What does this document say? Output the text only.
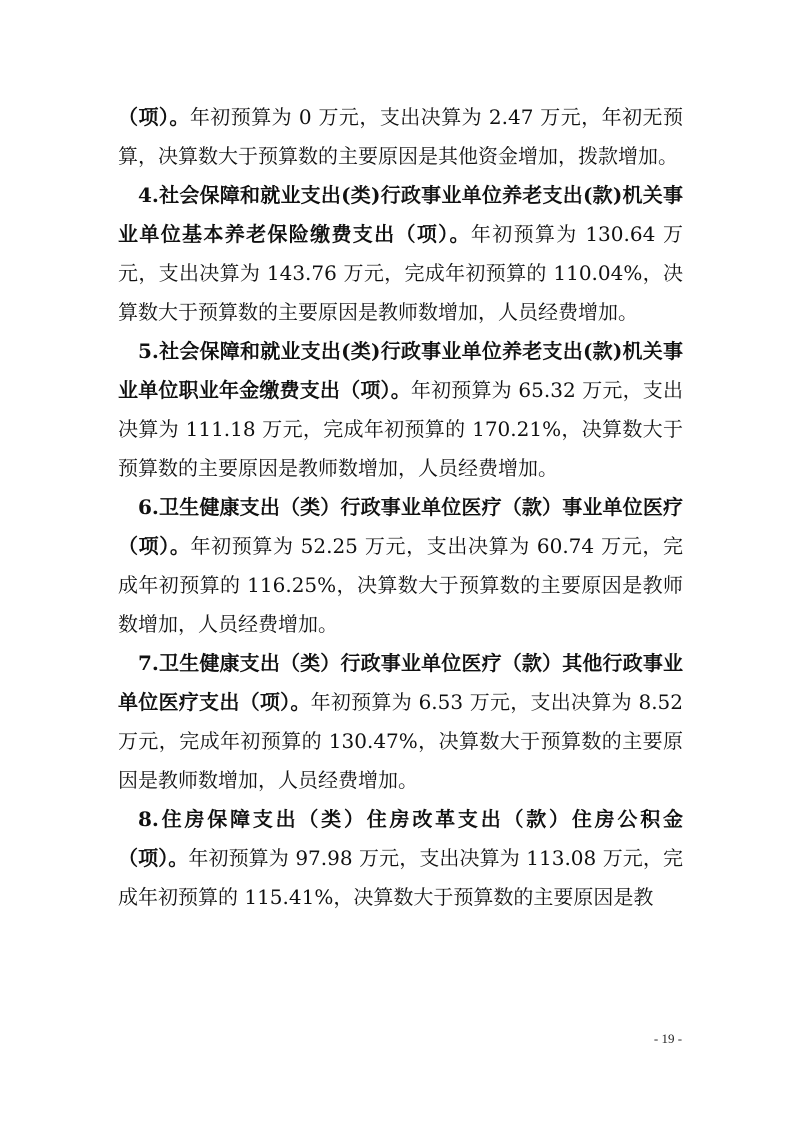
（项）。年初预算为 0 万元，支出决算为 2.47 万元，年初无预算，决算数大于预算数的主要原因是其他资金增加，拨款增加。

4.社会保障和就业支出(类)行政事业单位养老支出(款)机关事业单位基本养老保险缴费支出（项）。年初预算为 130.64 万元，支出决算为 143.76 万元，完成年初预算的 110.04%，决算数大于预算数的主要原因是教师数增加，人员经费增加。

5.社会保障和就业支出(类)行政事业单位养老支出(款)机关事业单位职业年金缴费支出（项）。年初预算为 65.32 万元，支出决算为 111.18 万元，完成年初预算的 170.21%，决算数大于预算数的主要原因是教师数增加，人员经费增加。

6.卫生健康支出（类）行政事业单位医疗（款）事业单位医疗（项）。年初预算为 52.25 万元，支出决算为 60.74 万元，完成年初预算的 116.25%，决算数大于预算数的主要原因是教师数增加，人员经费增加。

7.卫生健康支出（类）行政事业单位医疗（款）其他行政事业单位医疗支出（项）。年初预算为 6.53 万元，支出决算为 8.52 万元，完成年初预算的 130.47%，决算数大于预算数的主要原因是教师数增加，人员经费增加。

8.住房保障支出（类）住房改革支出（款）住房公积金（项）。年初预算为 97.98 万元，支出决算为 113.08 万元，完成年初预算的 115.41%，决算数大于预算数的主要原因是教

- 19 -
